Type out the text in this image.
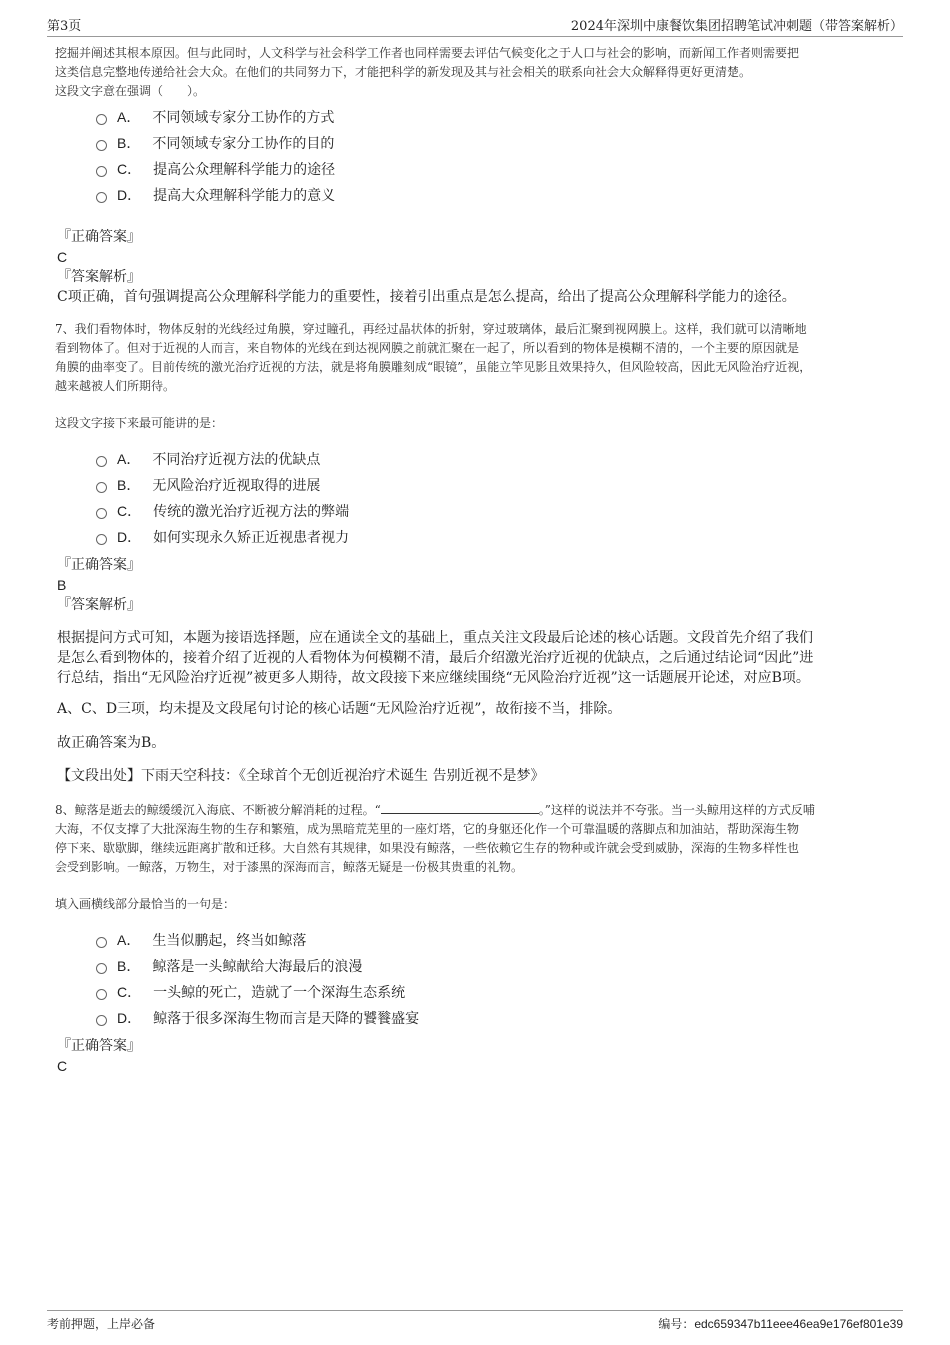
第3页	2024年深圳中康餐饮集团招聘笔试冲刺题（带答案解析）
挖掘并阐述其根本原因。但与此同时，人文科学与社会科学工作者也同样需要去评估气候变化之于人口与社会的影响，而新闻工作者则需要把
这类信息完整地传递给社会大众。在他们的共同努力下，才能把科学的新发现及其与社会相关的联系向社会大众解释得更好更清楚。
这段文字意在强调（　　）。
A． 不同领域专家分工协作的方式
B． 不同领域专家分工协作的目的
C． 提高公众理解科学能力的途径
D． 提高大众理解科学能力的意义
『正确答案』
C
『答案解析』
C项正确，首句强调提高公众理解科学能力的重要性，接着引出重点是怎么提高，给出了提高公众理解科学能力的途径。
7、我们看物体时，物体反射的光线经过角膜，穿过瞳孔，再经过晶状体的折射，穿过玻璃体，最后汇聚到视网膜上。这样，我们就可以清晰地
看到物体了。但对于近视的人而言，来自物体的光线在到达视网膜之前就汇聚在一起了，所以看到的物体是模糊不清的，一个主要的原因就是
角膜的曲率变了。目前传统的激光治疗近视的方法，就是将角膜雕刻成“眼镜”，虽能立竿见影且效果持久，但风险较高，因此无风险治疗近视，
越来越被人们所期待。
这段文字接下来最可能讲的是：
A． 不同治疗近视方法的优缺点
B． 无风险治疗近视取得的进展
C． 传统的激光治疗近视方法的弊端
D． 如何实现永久矫正近视患者视力
『正确答案』
B
『答案解析』
根据提问方式可知，本题为接语选择题，应在通读全文的基础上，重点关注文段最后论述的核心话题。文段首先介绍了我们
是怎么看到物体的，接着介绍了近视的人看物体为何模糊不清，最后介绍激光治疗近视的优缺点，之后通过结论词“因此”进
行总结，指出“无风险治疗近视”被更多人期待，故文段接下来应继续围绕“无风险治疗近视”这一话题展开论述，对应B项。
A、C、D三项，均未提及文段尾句讨论的核心话题“无风险治疗近视”，故衔接不当，排除。
故正确答案为B。
【文段出处】下雨天空科技：《全球首个无创近视治疗术诞生 告别近视不是梦》
8、鲸落是逝去的鲸缓缓沉入海底、不断被分解消耗的过程。“	。”这样的说法并不夸张。当一头鲸用这样的方式反哺
大海，不仅支撑了大批深海生物的生存和繁殖，成为黑暗荒芜里的一座灯塔，它的身躯还化作一个可靠温暖的落脚点和加油站，帮助深海生物
停下来、歇歇脚，继续远距离扩散和迁移。大自然有其规律，如果没有鲸落，一些依赖它生存的物种或许就会受到威胁，深海的生物多样性也
会受到影响。一鲸落，万物生，对于漆黑的深海而言，鲸落无疑是一份极其贵重的礼物。
填入画横线部分最恰当的一句是：
A． 生当似鹏起，终当如鲸落
B． 鲸落是一头鲸献给大海最后的浪漫
C． 一头鲸的死亡，造就了一个深海生态系统
D． 鲸落于很多深海生物而言是天降的饕餮盛宴
『正确答案』
C
考前押题，上岸必备	编号：edc659347b11eee46ea9e176ef801e39
